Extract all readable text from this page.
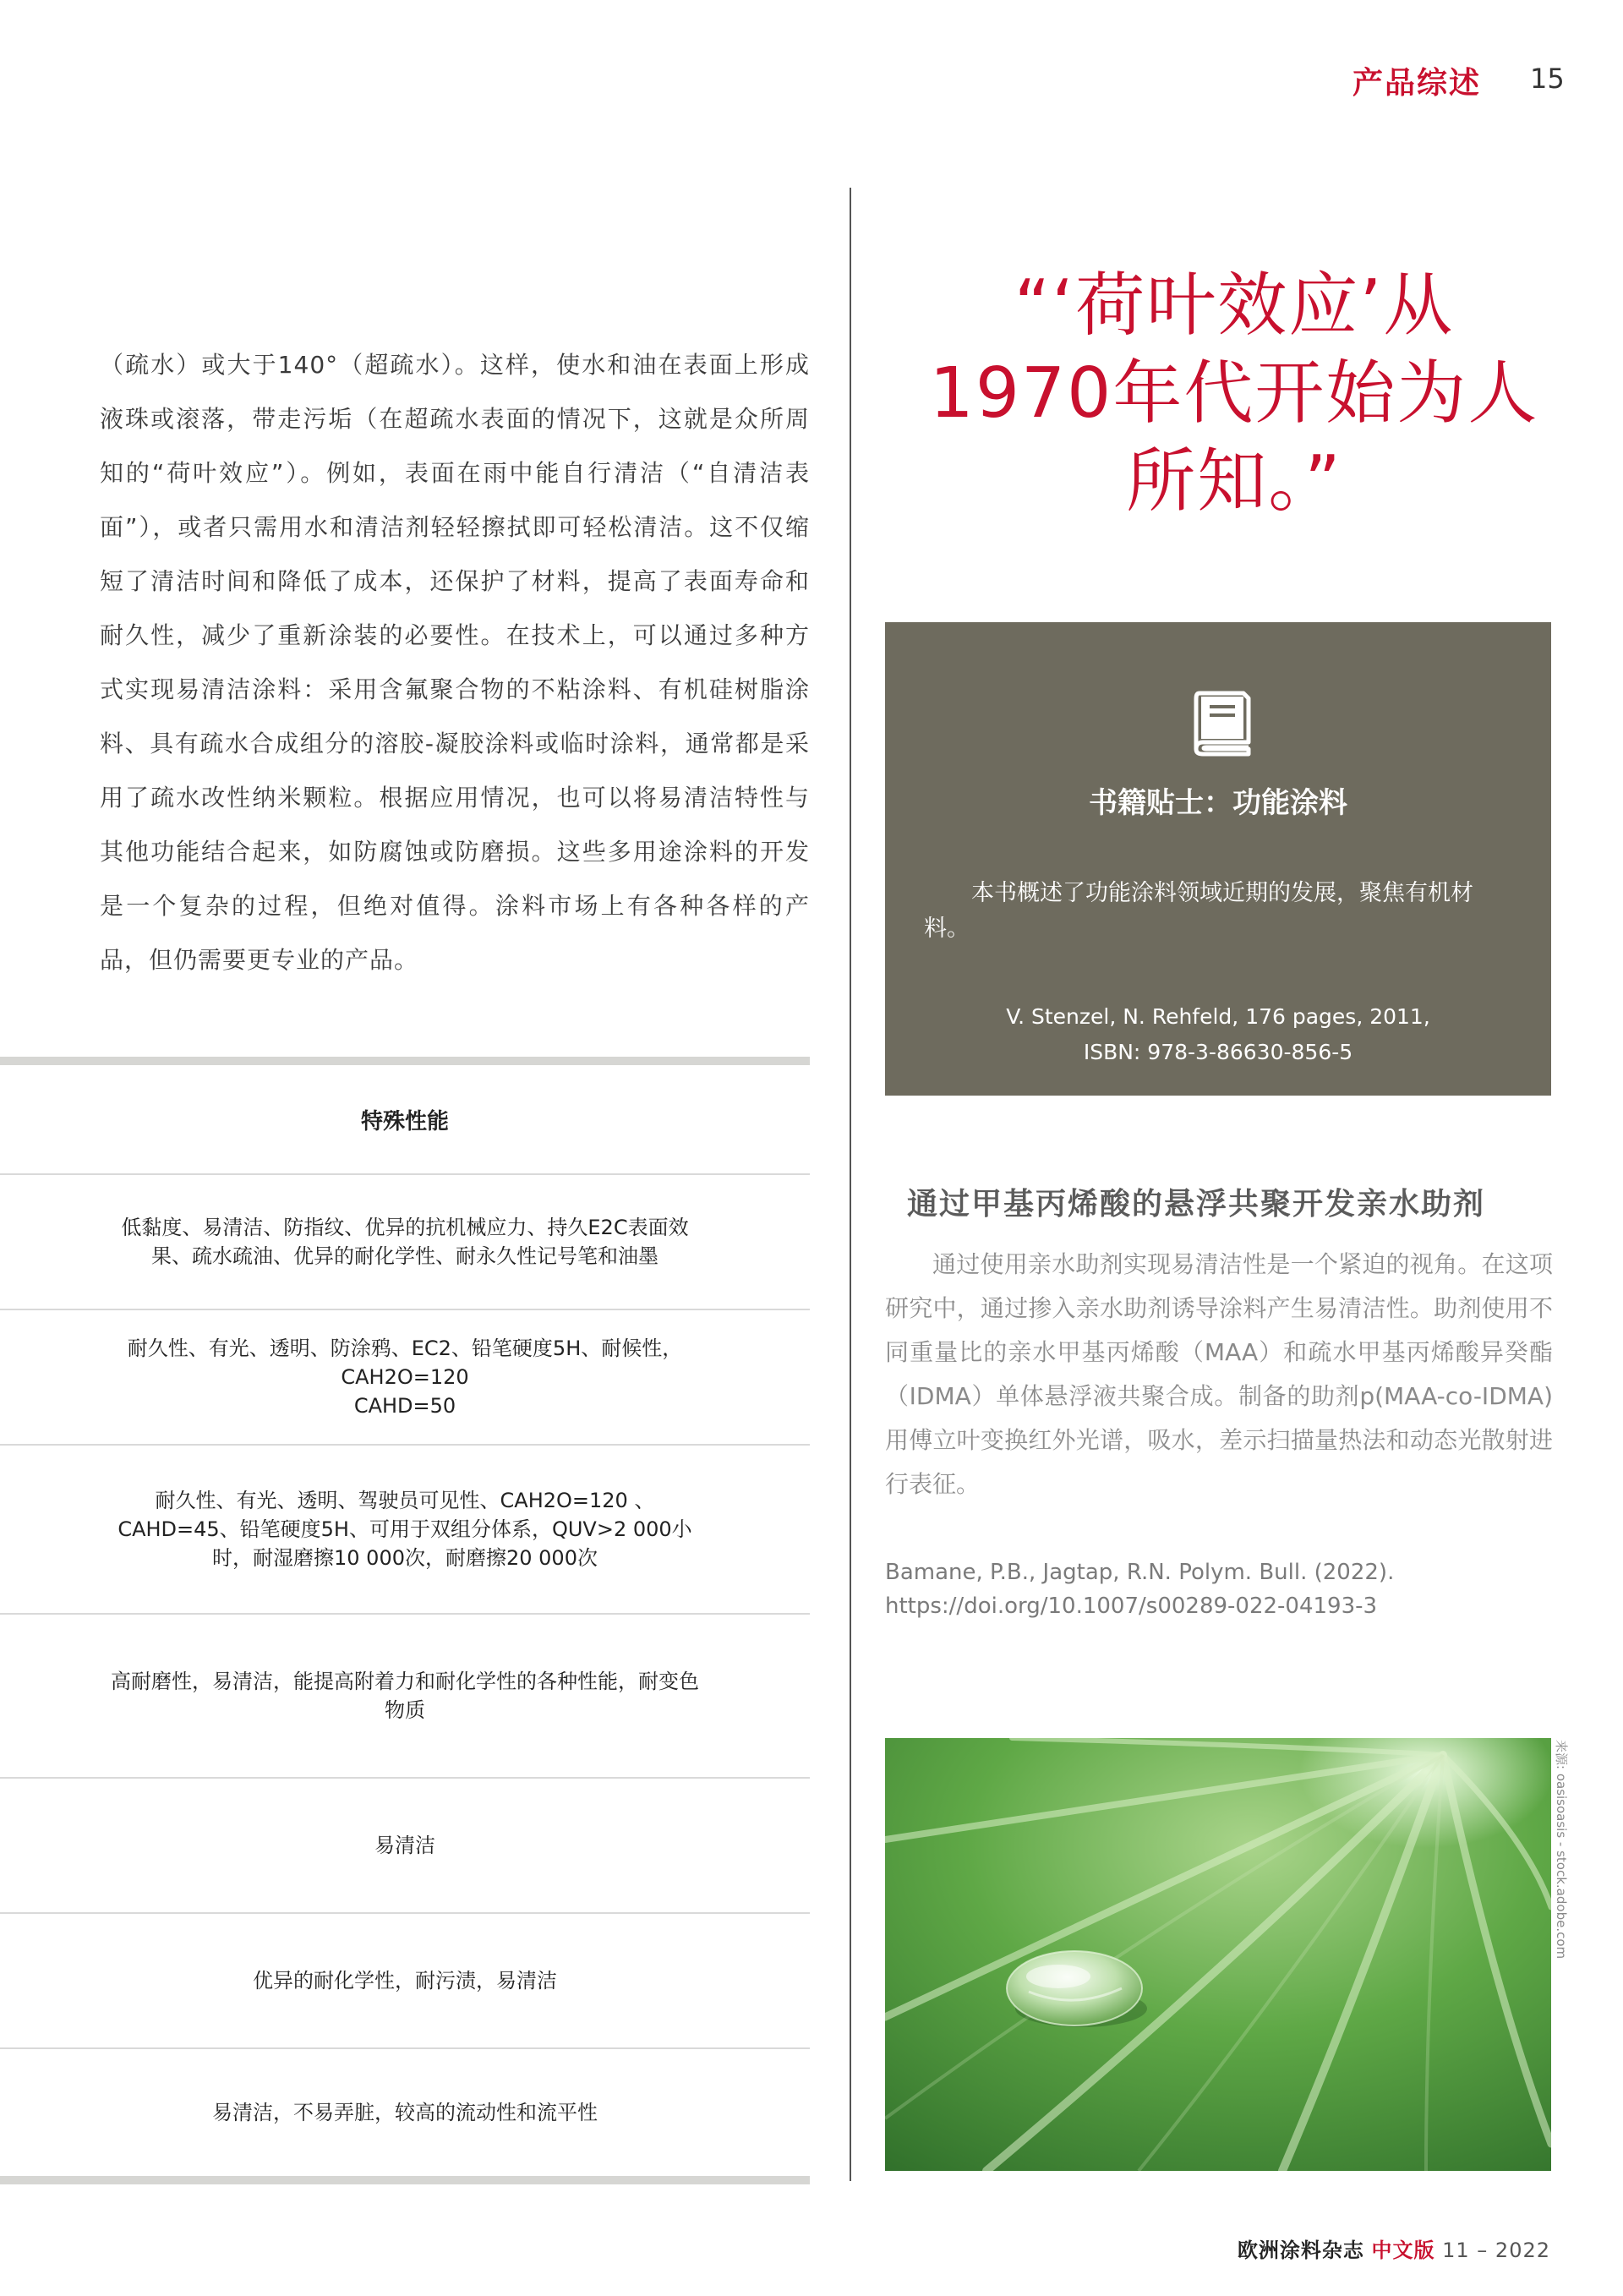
产品综述 15
（疏水）或大于140°（超疏水）。这样，使水和油在表面上形成液珠或滚落，带走污垢（在超疏水表面的情况下，这就是众所周知的“荷叶效应”）。例如，表面在雨中能自行清洁（“自清洁表面”），或者只需用水和清洁剂轻轻擦拭即可轻松清洁。这不仅缩短了清洁时间和降低了成本，还保护了材料，提高了表面寿命和耐久性，减少了重新涂装的必要性。在技术上，可以通过多种方式实现易清洁涂料：采用含氟聚合物的不粘涂料、有机硅树脂涂料、具有疏水合成组分的溶胶-凝胶涂料或临时涂料，通常都是采用了疏水改性纳米颗粒。根据应用情况，也可以将易清洁特性与其他功能结合起来，如防腐蚀或防磨损。这些多用途涂料的开发是一个复杂的过程，但绝对值得。涂料市场上有各种各样的产品，但仍需要更专业的产品。
特殊性能
低黏度、易清洁、防指纹、优异的抗机械应力、持久E2C表面效果、疏水疏油、优异的耐化学性、耐永久性记号笔和油墨
耐久性、有光、透明、防涂鸦、EC2、铅笔硬度5H、耐候性，CAH2O=120
CAHD=50
耐久性、有光、透明、驾驶员可见性、CAH2O=120 、CAHD=45、铅笔硬度5H、可用于双组分体系，QUV>2 000小时，耐湿磨擦10 000次，耐磨擦20 000次
高耐磨性，易清洁，能提高附着力和耐化学性的各种性能，耐变色物质
易清洁
优异的耐化学性，耐污渍，易清洁
易清洁，不易弄脏，较高的流动性和流平性
“‘荷叶效应’从
1970年代开始为人
所知。”
书籍贴士：功能涂料
本书概述了功能涂料领域近期的发展，聚焦有机材料。
V. Stenzel, N. Rehfeld, 176 pages, 2011,
ISBN: 978-3-86630-856-5
通过甲基丙烯酸的悬浮共聚开发亲水助剂
通过使用亲水助剂实现易清洁性是一个紧迫的视角。在这项研究中，通过掺入亲水助剂诱导涂料产生易清洁性。助剂使用不同重量比的亲水甲基丙烯酸（MAA）和疏水甲基丙烯酸异癸酯（IDMA）单体悬浮液共聚合成。制备的助剂p(MAA-co-IDMA)用傅立叶变换红外光谱，吸水，差示扫描量热法和动态光散射进行表征。
Bamane, P.B., Jagtap, R.N. Polym. Bull. (2022).
https://doi.org/10.1007/s00289-022-04193-3
来源: oasisoasis - stock.adobe.com
欧洲涂料杂志 中文版 11 – 2022
